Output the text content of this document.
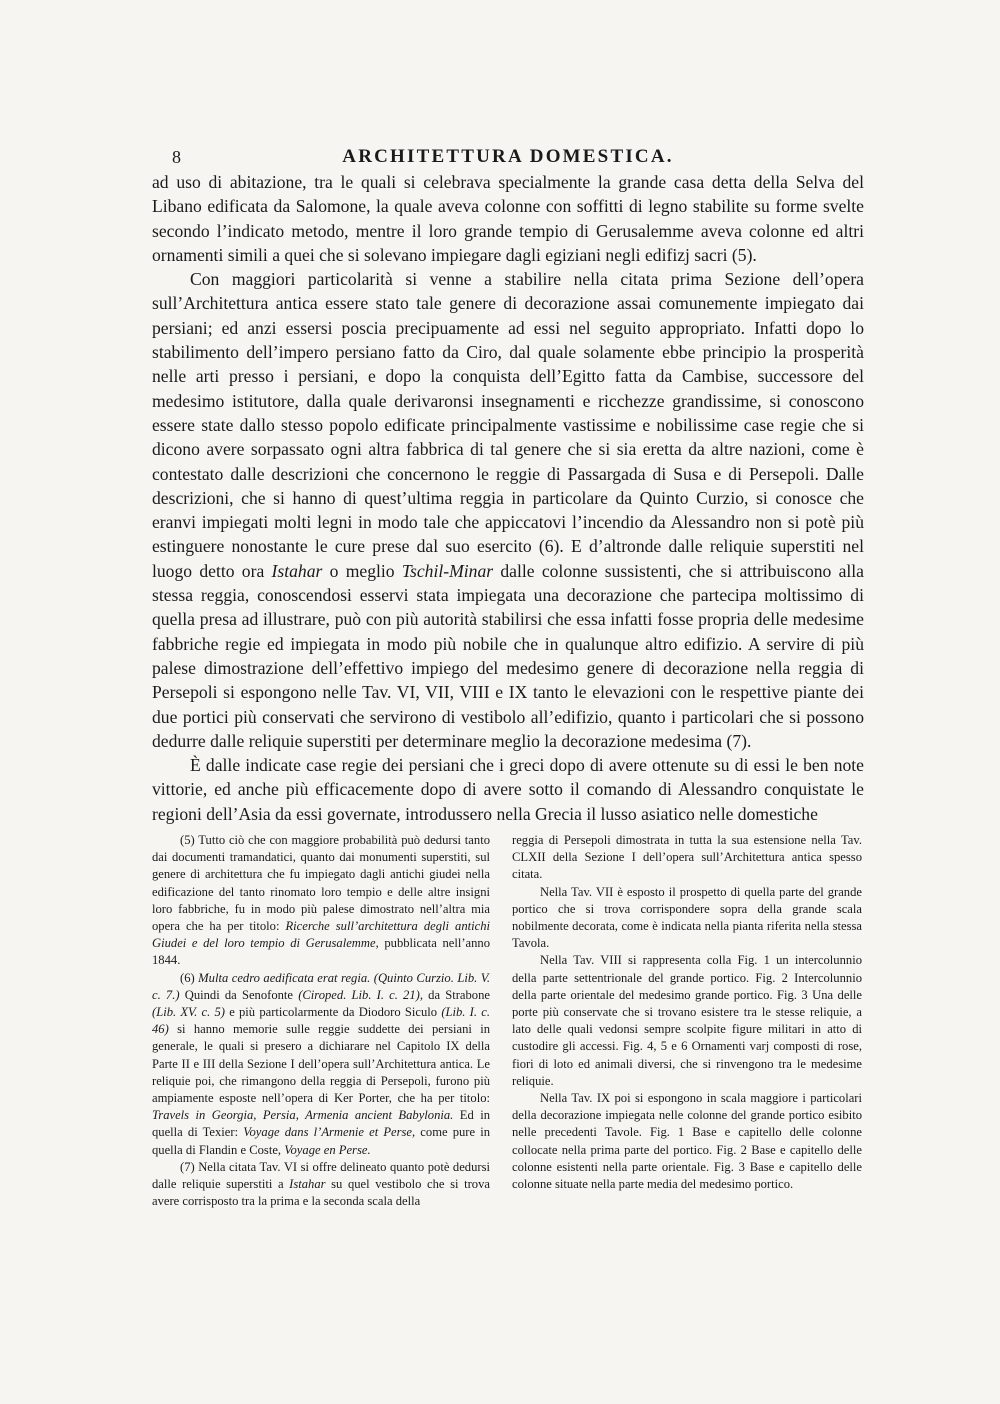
8	ARCHITETTURA DOMESTICA.

ad uso di abitazione, tra le quali si celebrava specialmente la grande casa detta della Selva del Libano edificata da Salomone, la quale aveva colonne con soffitti di legno stabilite su forme svelte secondo l’indicato metodo, mentre il loro grande tempio di Gerusalemme aveva colonne ed altri ornamenti simili a quei che si solevano impiegare dagli egiziani negli edifizj sacri (5).

Con maggiori particolarità si venne a stabilire nella citata prima Sezione dell’opera sull’Architettura antica essere stato tale genere di decorazione assai comunemente impiegato dai persiani; ed anzi essersi poscia precipuamente ad essi nel seguito appropriato. Infatti dopo lo stabilimento dell’impero persiano fatto da Ciro, dal quale solamente ebbe principio la prosperità nelle arti presso i persiani, e dopo la conquista dell’Egitto fatta da Cambise, successore del medesimo istitutore, dalla quale derivaronsi insegnamenti e ricchezze grandissime, si conoscono essere state dallo stesso popolo edificate principalmente vastissime e nobilissime case regie che si dicono avere sorpassato ogni altra fabbrica di tal genere che si sia eretta da altre nazioni, come è contestato dalle descrizioni che concernono le reggie di Passargada di Susa e di Persepoli. Dalle descrizioni, che si hanno di quest’ultima reggia in particolare da Quinto Curzio, si conosce che eranvi impiegati molti legni in modo tale che appiccatovi l’incendio da Alessandro non si potè più estinguere nonostante le cure prese dal suo esercito (6). E d’altronde dalle reliquie superstiti nel luogo detto ora Istahar o meglio Tschil-Minar dalle colonne sussistenti, che si attribuiscono alla stessa reggia, conoscendosi esservi stata impiegata una decorazione che partecipa moltissimo di quella presa ad illustrare, può con più autorità stabilirsi che essa infatti fosse propria delle medesime fabbriche regie ed impiegata in modo più nobile che in qualunque altro edifizio. A servire di più palese dimostrazione dell’effettivo impiego del medesimo genere di decorazione nella reggia di Persepoli si espongono nelle Tav. VI, VII, VIII e IX tanto le elevazioni con le respettive piante dei due portici più conservati che servirono di vestibolo all’edifizio, quanto i particolari che si possono dedurre dalle reliquie superstiti per determinare meglio la decorazione medesima (7).

È dalle indicate case regie dei persiani che i greci dopo di avere ottenute su di essi le ben note vittorie, ed anche più efficacemente dopo di avere sotto il comando di Alessandro conquistate le regioni dell’Asia da essi governate, introdussero nella Grecia il lusso asiatico nelle domestiche

(5) Tutto ciò che con maggiore probabilità può dedursi tanto dai documenti tramandatici, quanto dai monumenti superstiti, sul genere di architettura che fu impiegato dagli antichi giudei nella edificazione del tanto rinomato loro tempio e delle altre insigni loro fabbriche, fu in modo più palese dimostrato nell’altra mia opera che ha per titolo: Ricerche sull’architettura degli antichi Giudei e del loro tempio di Gerusalemme, pubblicata nell’anno 1844.

(6) Multa cedro aedificata erat regia. (Quinto Curzio. Lib. V. c. 7.) Quindi da Senofonte (Ciroped. Lib. I. c. 21), da Strabone (Lib. XV. c. 5) e più particolarmente da Diodoro Siculo (Lib. I. c. 46) si hanno memorie sulle reggie suddette dei persiani in generale, le quali si presero a dichiarare nel Capitolo IX della Parte II e III della Sezione I dell’opera sull’Architettura antica. Le reliquie poi, che rimangono della reggia di Persepoli, furono più ampiamente esposte nell’opera di Ker Porter, che ha per titolo: Travels in Georgia, Persia, Armenia ancient Babylonia. Ed in quella di Texier: Voyage dans l’Armenie et Perse, come pure in quella di Flandin e Coste, Voyage en Perse.

(7) Nella citata Tav. VI si offre delineato quanto potè dedursi dalle reliquie superstiti a Istahar su quel vestibolo che si trova avere corrisposto tra la prima e la seconda scala della

reggia di Persepoli dimostrata in tutta la sua estensione nella Tav. CLXII della Sezione I dell’opera sull’Architettura antica spesso citata.

Nella Tav. VII è esposto il prospetto di quella parte del grande portico che si trova corrispondere sopra della grande scala nobilmente decorata, come è indicata nella pianta riferita nella stessa Tavola.

Nella Tav. VIII si rappresenta colla Fig. 1 un intercolunnio della parte settentrionale del grande portico. Fig. 2 Intercolunnio della parte orientale del medesimo grande portico. Fig. 3 Una delle porte più conservate che si trovano esistere tra le stesse reliquie, a lato delle quali vedonsi sempre scolpite figure militari in atto di custodire gli accessi. Fig. 4, 5 e 6 Ornamenti varj composti di rose, fiori di loto ed animali diversi, che si rinvengono tra le medesime reliquie.

Nella Tav. IX poi si espongono in scala maggiore i particolari della decorazione impiegata nelle colonne del grande portico esibito nelle precedenti Tavole. Fig. 1 Base e capitello delle colonne collocate nella prima parte del portico. Fig. 2 Base e capitello delle colonne esistenti nella parte orientale. Fig. 3 Base e capitello delle colonne situate nella parte media del medesimo portico.
